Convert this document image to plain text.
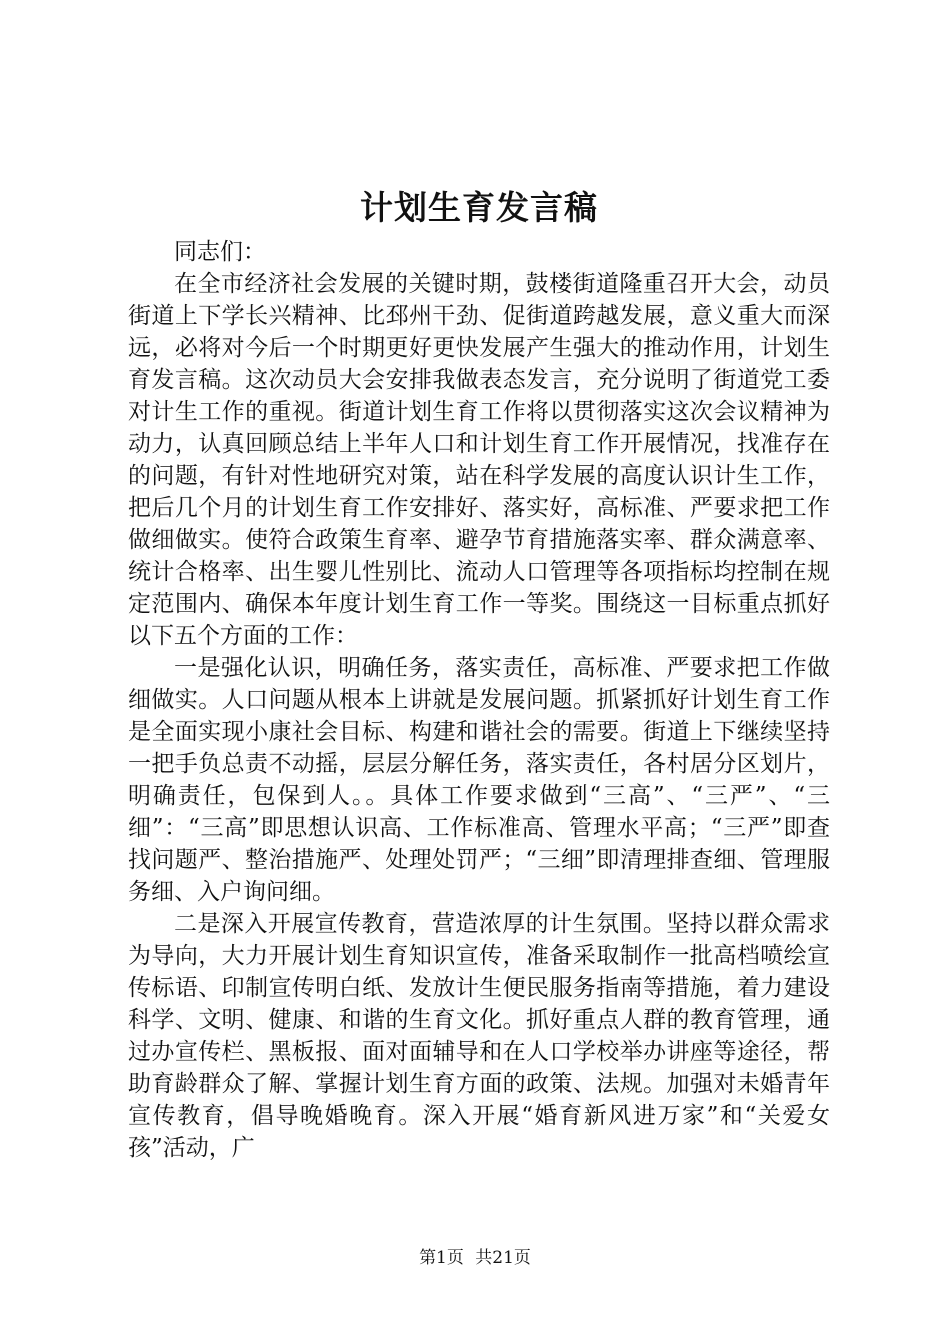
计划生育发言稿

同志们：

在全市经济社会发展的关键时期，鼓楼街道隆重召开大会，动员街道上下学长兴精神、比邳州干劲、促街道跨越发展，意义重大而深远，必将对今后一个时期更好更快发展产生强大的推动作用，计划生育发言稿。这次动员大会安排我做表态发言，充分说明了街道党工委对计生工作的重视。街道计划生育工作将以贯彻落实这次会议精神为动力，认真回顾总结上半年人口和计划生育工作开展情况，找准存在的问题，有针对性地研究对策，站在科学发展的高度认识计生工作，把后几个月的计划生育工作安排好、落实好，高标准、严要求把工作做细做实。使符合政策生育率、避孕节育措施落实率、群众满意率、统计合格率、出生婴儿性别比、流动人口管理等各项指标均控制在规定范围内、确保本年度计划生育工作一等奖。围绕这一目标重点抓好以下五个方面的工作：

一是强化认识，明确任务，落实责任，高标准、严要求把工作做细做实。人口问题从根本上讲就是发展问题。抓紧抓好计划生育工作是全面实现小康社会目标、构建和谐社会的需要。街道上下继续坚持一把手负总责不动摇，层层分解任务，落实责任，各村居分区划片，明确责任，包保到人。。具体工作要求做到“三高”、“三严”、“三细”：“三高”即思想认识高、工作标准高、管理水平高；“三严”即查找问题严、整治措施严、处理处罚严；“三细”即清理排查细、管理服务细、入户询问细。

二是深入开展宣传教育，营造浓厚的计生氛围。坚持以群众需求为导向，大力开展计划生育知识宣传，准备采取制作一批高档喷绘宣传标语、印制宣传明白纸、发放计生便民服务指南等措施，着力建设科学、文明、健康、和谐的生育文化。抓好重点人群的教育管理，通过办宣传栏、黑板报、面对面辅导和在人口学校举办讲座等途径，帮助育龄群众了解、掌握计划生育方面的政策、法规。加强对未婚青年宣传教育，倡导晚婚晚育。深入开展“婚育新风进万家”和“关爱女孩”活动，广

第1页 共21页
